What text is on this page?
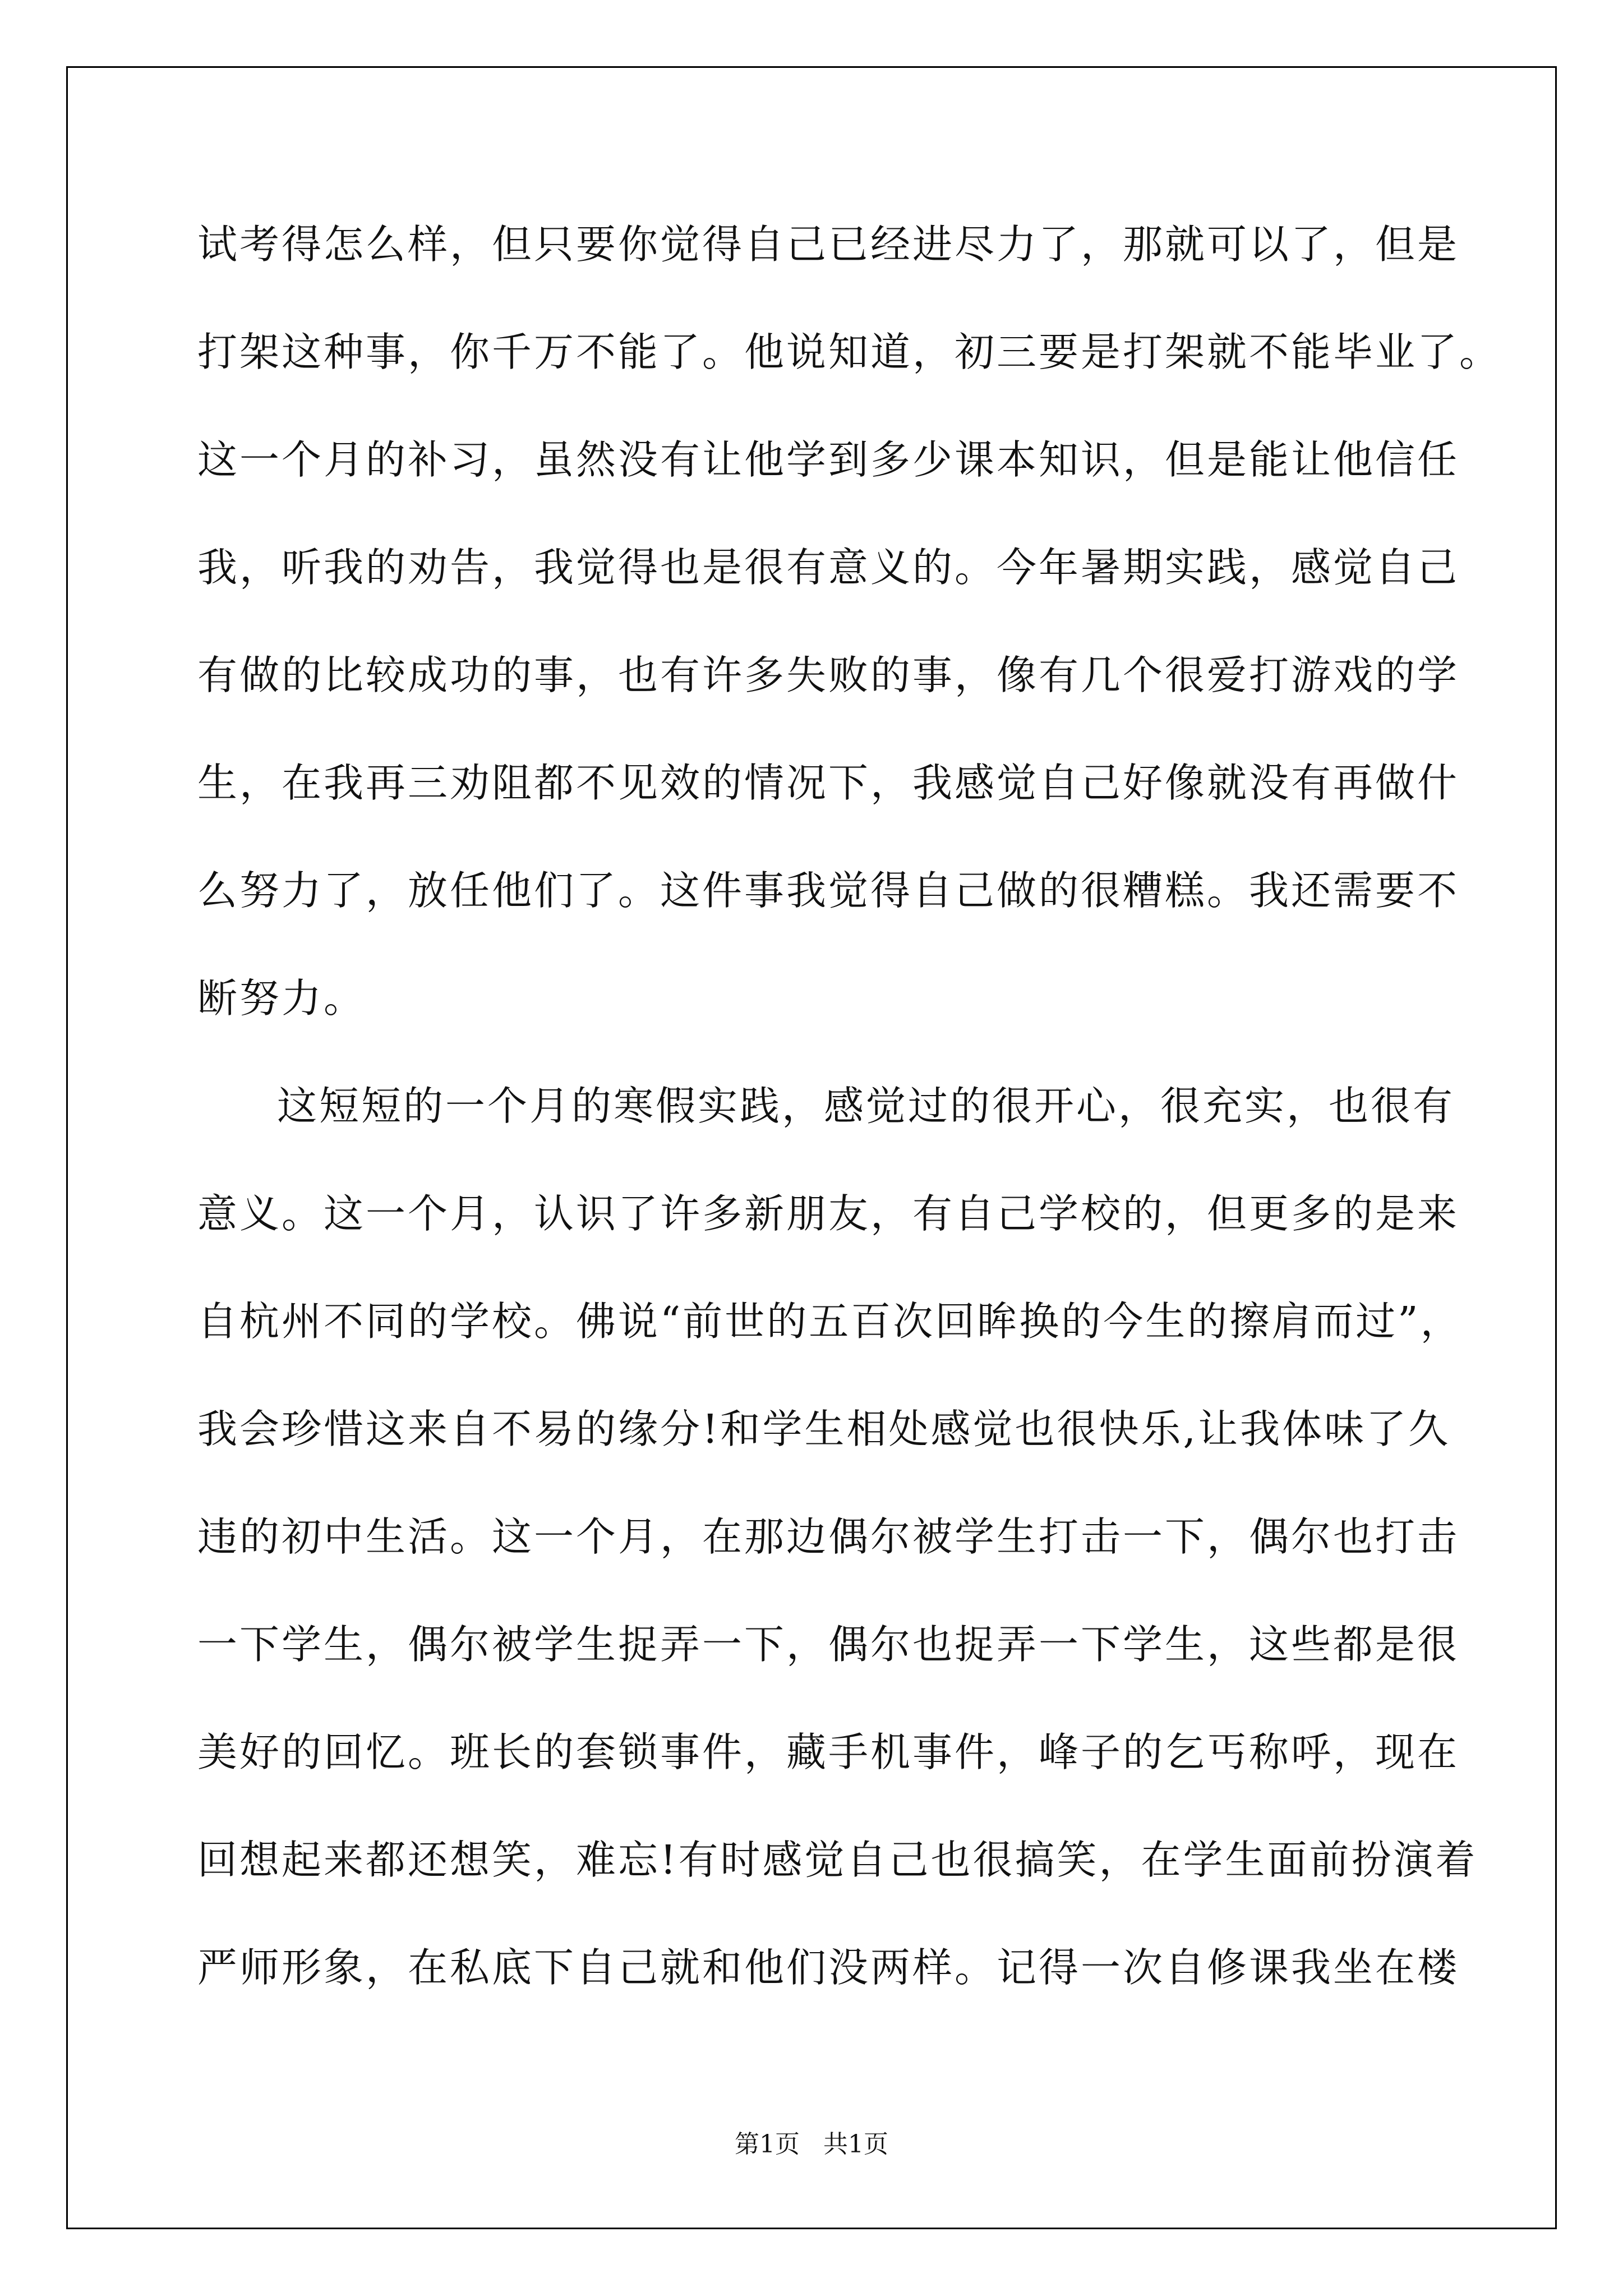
试考得怎么样，但只要你觉得自己已经进尽力了，那就可以了，但是
打架这种事，你千万不能了。他说知道，初三要是打架就不能毕业了。
这一个月的补习，虽然没有让他学到多少课本知识，但是能让他信任
我，听我的劝告，我觉得也是很有意义的。今年暑期实践，感觉自己
有做的比较成功的事，也有许多失败的事，像有几个很爱打游戏的学
生，在我再三劝阻都不见效的情况下，我感觉自己好像就没有再做什
么努力了，放任他们了。这件事我觉得自己做的很糟糕。我还需要不
断努力。
这短短的一个月的寒假实践，感觉过的很开心，很充实，也很有
意义。这一个月，认识了许多新朋友，有自己学校的，但更多的是来
自杭州不同的学校。佛说“前世的五百次回眸换的今生的擦肩而过”，
我会珍惜这来自不易的缘分!和学生相处感觉也很快乐,让我体味了久
违的初中生活。这一个月，在那边偶尔被学生打击一下，偶尔也打击
一下学生，偶尔被学生捉弄一下，偶尔也捉弄一下学生，这些都是很
美好的回忆。班长的套锁事件，藏手机事件，峰子的乞丐称呼，现在
回想起来都还想笑，难忘!有时感觉自己也很搞笑，在学生面前扮演着
严师形象，在私底下自己就和他们没两样。记得一次自修课我坐在楼
第1页   共1页
